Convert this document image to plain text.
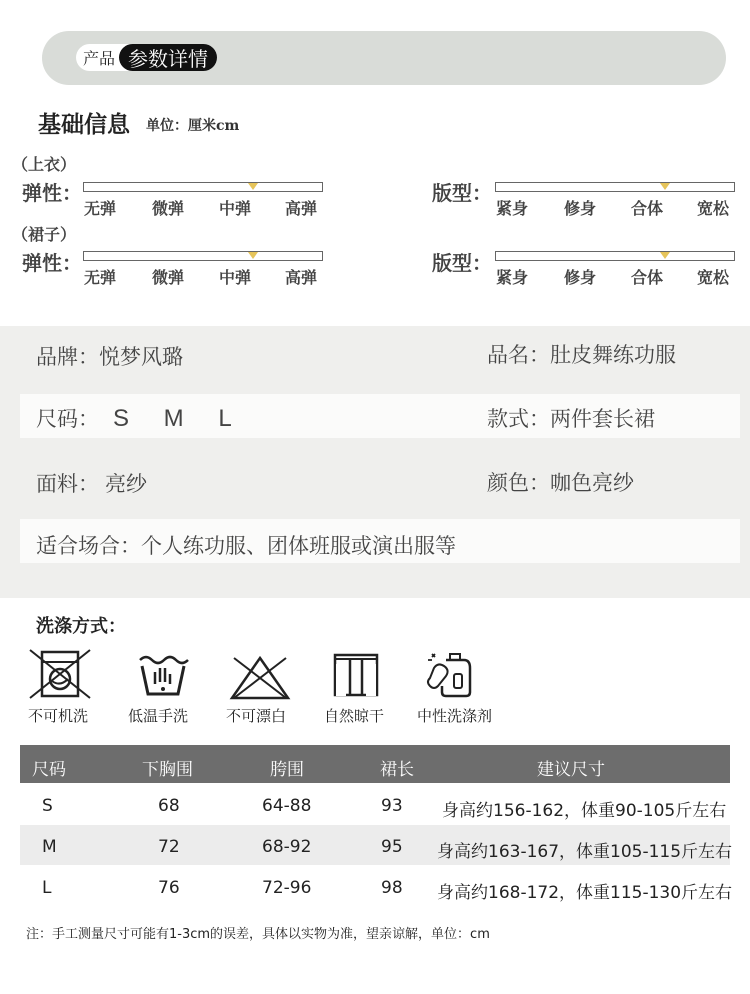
产品 参数详情
基础信息 单位：厘米cm
（上衣）
弹性：
无弹 微弹 中弹 高弹
版型：
紧身 修身 合体 宽松
（裙子）
弹性：
无弹 微弹 中弹 高弹
版型：
紧身 修身 合体 宽松
品牌：悦梦风璐	品名：肚皮舞练功服
尺码： S M L	款式：两件套长裙
面料： 亮纱	颜色：咖色亮纱
适合场合：个人练功服、团体班服或演出服等
洗涤方式：
不可机洗	低温手洗	不可漂白	自然晾干 中性洗涤剂
尺码	下胸围	胯围	裙长	建议尺寸
S	68	64-88	93 身高约156-162，体重90-105斤左右
M	72	68-92	95 身高约163-167，体重105-115斤左右
L	76	72-96	98 身高约168-172，体重115-130斤左右
注：手工测量尺寸可能有1-3cm的误差，具体以实物为准，望亲谅解，单位：cm
